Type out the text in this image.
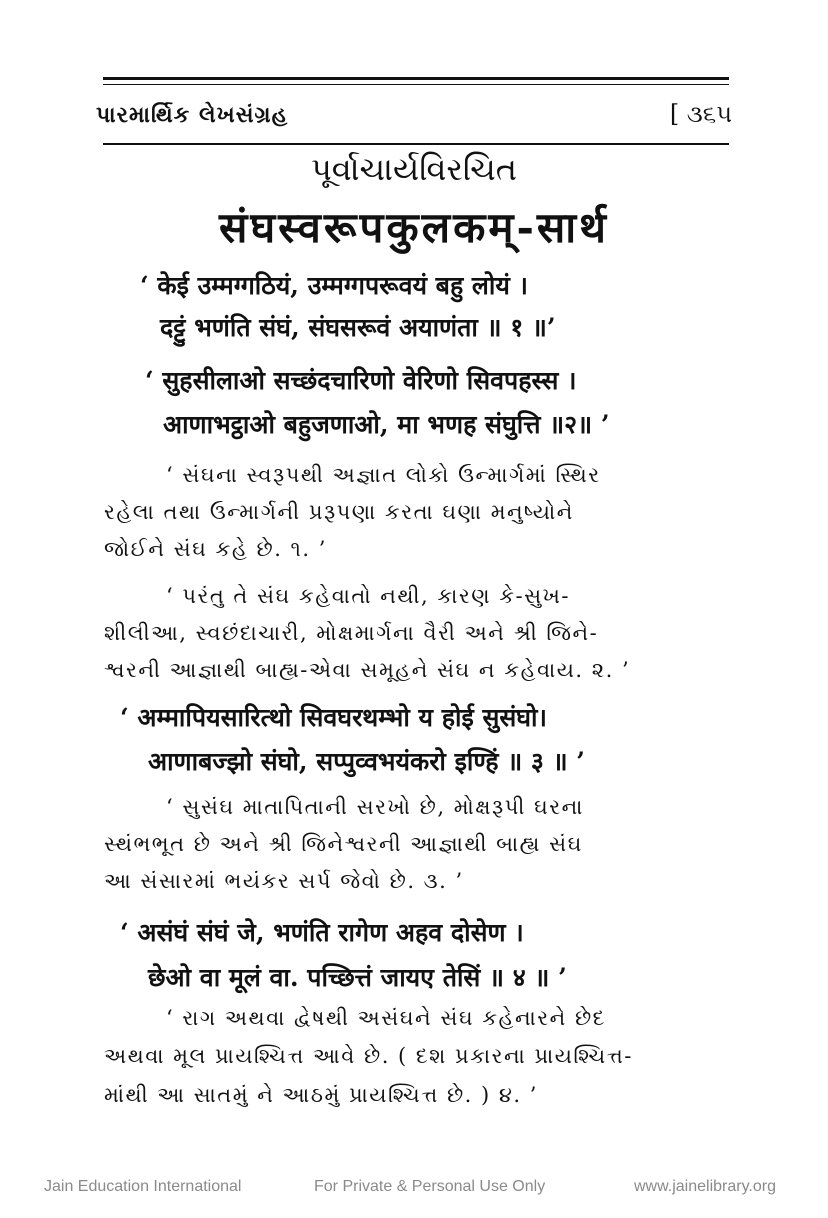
પારમાર્થિક લેખસંગ્રહ	[ ૩૬૫
પૂર્વાચાર્યવિરચિત
संघस्वरूपकुलकम्-सार्थ
‘ केई उम्मग्गठियं, उम्मग्गपरूवयं बहु लोयं ।
दट्टुं भणंति संघं, संघसरूवं अयाणंता ॥ १ ॥’
‘ सुहसीलाओ सच्छंदचारिणो वेरिणो सिवपहस्स ।
आणाभट्ठाओ बहुजणाओ, मा भणह संघुत्ति ॥२॥ ’
‘ સંઘના સ્વરૂપથી અજ્ઞાત લોકો ઉન્માર્ગમાં સ્થિર
રહેલા તથા ઉન્માર્ગની પ્રરૂપણા કરતા ઘણા મનુષ્યોને
જોઈને સંઘ કહે છે. ૧. ’
‘ પરંતુ તે સંઘ કહેવાતો નથી, કારણ કે-સુખ-
શીલીઆ, સ્વછંદાચારી, મોક્ષમાર્ગના વૈરી અને શ્રી જિને-
શ્વરની આજ્ઞાથી બાહ્ય-એવા સમૂહને સંઘ ન કહેવાય. ૨. ’
‘ अम्मापियसारित्थो सिवघरथम्भो य होई सुसंघो।
आणाबज्झो संघो, सप्पुव्वभयंकरो इण्हिं ॥ ३ ॥ ’
‘ સુસંઘ માતાપિતાની સરખો છે, મોક્ષરૂપી ઘરના
સ્થંભભૂત છે અને શ્રી જિનેશ્વરની આજ્ઞાથી બાહ્ય સંઘ
આ સંસારમાં ભયંકર સર્પ જેવો છે. ૩. ’
‘ असंघं संघं जे, भणंति रागेण अहव दोसेण ।
छेओ वा मूलं वा. पच्छित्तं जायए तेसिं ॥ ४ ॥ ’
‘ રાગ અથવા દ્વેષથી અસંઘને સંઘ કહેનારને છેદ
અથવા મૂલ પ્રાયશ્ચિત્ત આવે છે. ( દશ પ્રકારના પ્રાયશ્ચિત્ત-
માંથી આ સાતમું ને આઠમું પ્રાયશ્ચિત્ત છે. ) ૪. ’
Jain Education International	For Private & Personal Use Only	www.jainelibrary.org
